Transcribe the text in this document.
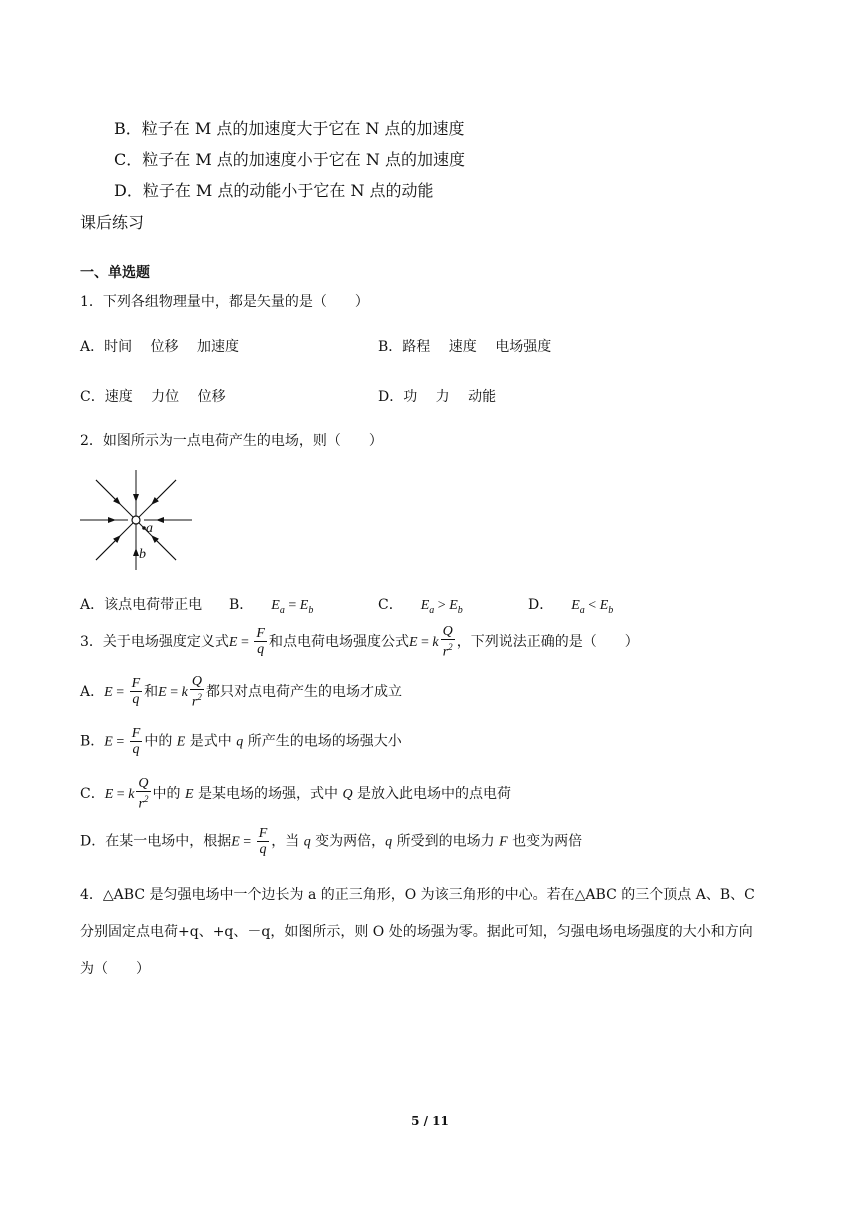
B．粒子在 M 点的加速度大于它在 N 点的加速度
C．粒子在 M 点的加速度小于它在 N 点的加速度
D．粒子在 M 点的动能小于它在 N 点的动能
课后练习
一、单选题
1．下列各组物理量中，都是矢量的是（　　）
A．时间　 位移　 加速度	B．路程　 速度　 电场强度
C．速度　 力位　 位移	D．功　 力　 动能
2．如图所示为一点电荷产生的电场，则（　　）
a
b
A．该点电荷带正电 B． $E_a = E_b$	C． $E_a > E_b$	D． $E_a < E_b$
3．关于电场强度定义式$E = \frac{F}{q}$ 和点电荷电场强度公式E = k $\frac{Q}{r^2}$ ，下列说法正确的是（　　）
A．$E = \frac{F}{q}$ 和E = k $\frac{Q}{r^2}$ 都只对点电荷产生的电场才成立
B．$E = \frac{F}{q}$ 中的 E 是式中 q 所产生的电场的场强大小
C．E = k $\frac{Q}{r^2}$ 中的 E 是某电场的场强，式中 Q 是放入此电场中的点电荷
D．在某一电场中，根据$E = \frac{F}{q}$ ，当 q 变为两倍，q 所受到的电场力 F 也变为两倍
4．△ABC 是匀强电场中一个边长为 a 的正三角形，O 为该三角形的中心。若在△ABC 的三个顶点 A、B、C
分别固定点电荷+q、+q、－q，如图所示，则 O 处的场强为零。据此可知，匀强电场电场强度的大小和方向
为（　　）
5 / 11
